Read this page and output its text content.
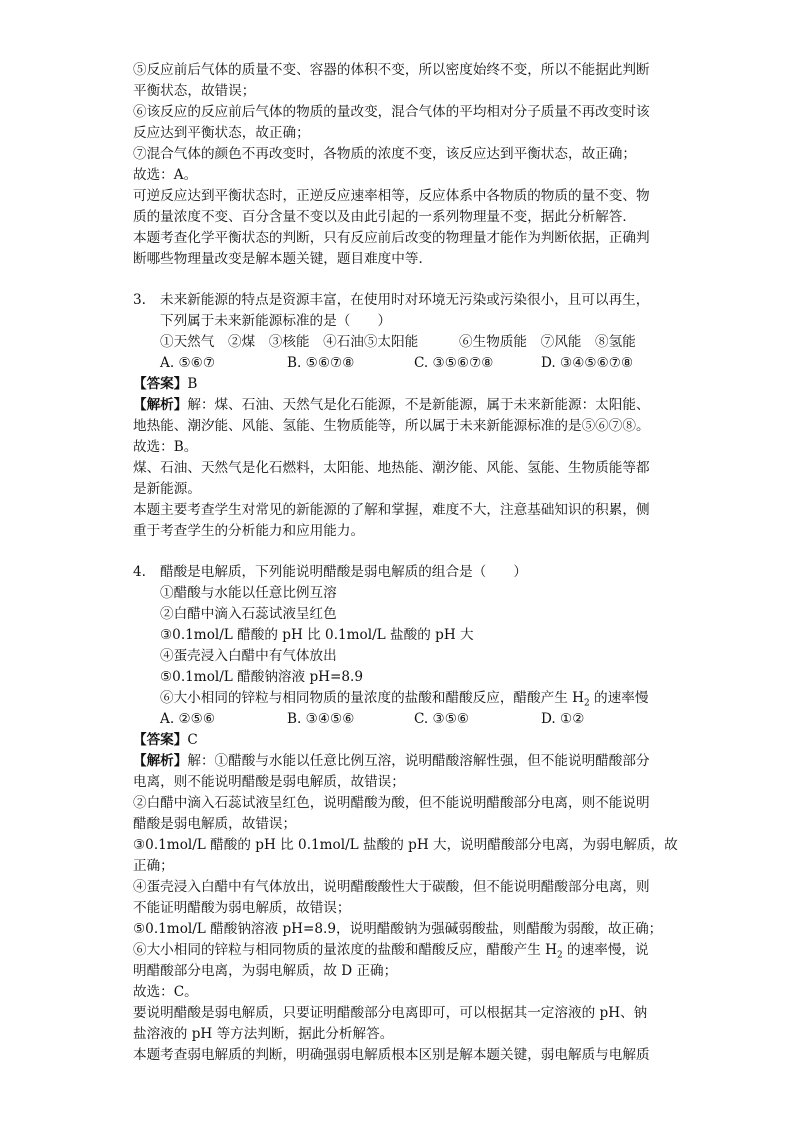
⑤反应前后气体的质量不变、容器的体积不变，所以密度始终不变，所以不能据此判断
平衡状态，故错误；
⑥该反应的反应前后气体的物质的量改变，混合气体的平均相对分子质量不再改变时该
反应达到平衡状态，故正确；
⑦混合气体的颜色不再改变时，各物质的浓度不变，该反应达到平衡状态，故正确；
故选：A。
可逆反应达到平衡状态时，正逆反应速率相等，反应体系中各物质的物质的量不变、物
质的量浓度不变、百分含量不变以及由此引起的一系列物理量不变，据此分析解答．
本题考查化学平衡状态的判断，只有反应前后改变的物理量才能作为判断依据，正确判
断哪些物理量改变是解本题关键，题目难度中等．
3. 未来新能源的特点是资源丰富，在使用时对环境无污染或污染很小，且可以再生，
下列属于未来新能源标准的是（　　）
①天然气　②煤　③核能　④石油⑤太阳能　　　⑥生物质能　⑦风能　⑧氢能
A. ⑤⑥⑦	B. ⑤⑥⑦⑧	C. ③⑤⑥⑦⑧	D. ③④⑤⑥⑦⑧
【答案】B
【解析】解：煤、石油、天然气是化石能源，不是新能源，属于未来新能源：太阳能、
地热能、潮汐能、风能、氢能、生物质能等，所以属于未来新能源标准的是⑤⑥⑦⑧。
故选：B。
煤、石油、天然气是化石燃料，太阳能、地热能、潮汐能、风能、氢能、生物质能等都
是新能源。
本题主要考查学生对常见的新能源的了解和掌握，难度不大，注意基础知识的积累，侧
重于考查学生的分析能力和应用能力。
4. 醋酸是电解质，下列能说明醋酸是弱电解质的组合是（　　）
①醋酸与水能以任意比例互溶
②白醋中滴入石蕊试液呈红色
③0.1mol/L 醋酸的 pH 比 0.1mol/L 盐酸的 pH 大
④蛋壳浸入白醋中有气体放出
⑤0.1mol/L 醋酸钠溶液 pH=8.9
⑥大小相同的锌粒与相同物质的量浓度的盐酸和醋酸反应，醋酸产生 $H_2$ 的速率慢
A. ②⑤⑥	B. ③④⑤⑥	C. ③⑤⑥	D. ①②
【答案】C
【解析】解：①醋酸与水能以任意比例互溶，说明醋酸溶解性强，但不能说明醋酸部分
电离，则不能说明醋酸是弱电解质，故错误；
②白醋中滴入石蕊试液呈红色，说明醋酸为酸，但不能说明醋酸部分电离，则不能说明
醋酸是弱电解质，故错误；
③0.1mol/L 醋酸的 pH 比 0.1mol/L 盐酸的 pH 大，说明醋酸部分电离，为弱电解质，故
正确；
④蛋壳浸入白醋中有气体放出，说明醋酸酸性大于碳酸，但不能说明醋酸部分电离，则
不能证明醋酸为弱电解质，故错误；
⑤0.1mol/L 醋酸钠溶液 pH=8.9，说明醋酸钠为强碱弱酸盐，则醋酸为弱酸，故正确；
⑥大小相同的锌粒与相同物质的量浓度的盐酸和醋酸反应，醋酸产生 $H_2$ 的速率慢，说
明醋酸部分电离，为弱电解质，故 D 正确；
故选：C。
要说明醋酸是弱电解质，只要证明醋酸部分电离即可，可以根据其一定溶液的 pH、钠
盐溶液的 pH 等方法判断，据此分析解答。
本题考查弱电解质的判断，明确强弱电解质根本区别是解本题关键，弱电解质与电解质
